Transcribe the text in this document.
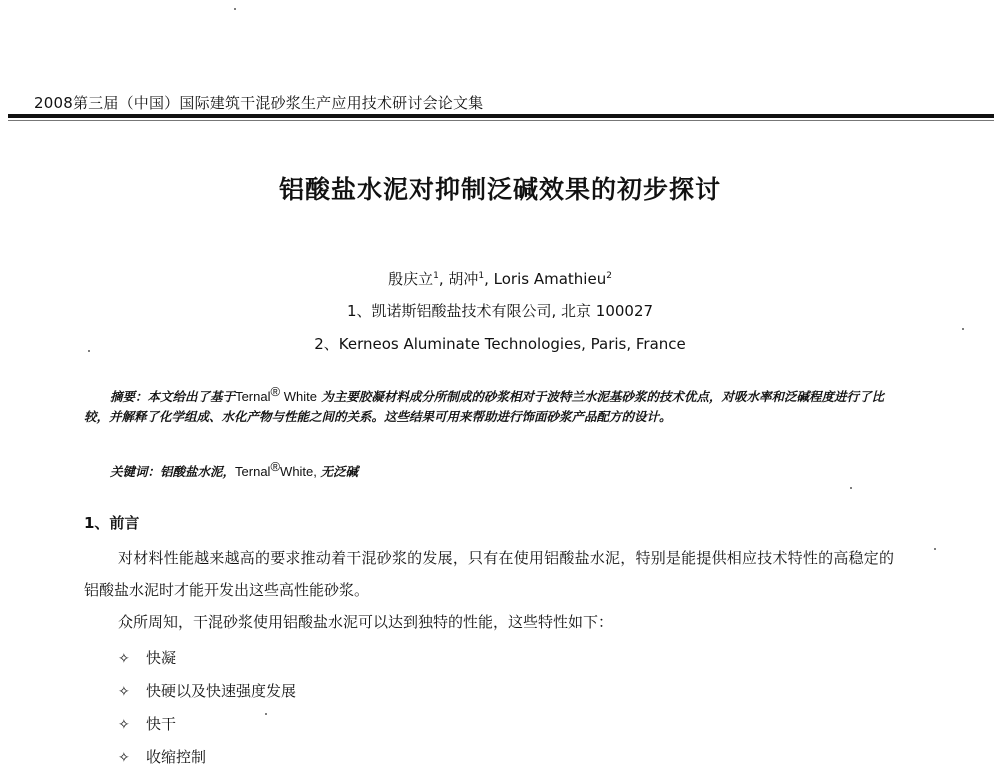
2008第三届（中国）国际建筑干混砂浆生产应用技术研讨会论文集
铝酸盐水泥对抑制泛碱效果的初步探讨
殷庆立$^1$, 胡冲$^1$, Loris Amathieu$^2$
1、凯诺斯铝酸盐技术有限公司, 北京 100027
2、Kerneos Aluminate Technologies, Paris, France
摘要：本文给出了基于Ternal® White 为主要胶凝材料成分所制成的砂浆相对于波特兰水泥基砂浆的技术优点，对吸水率和泛碱程度进行了比较，并解释了化学组成、水化产物与性能之间的关系。这些结果可用来帮助进行饰面砂浆产品配方的设计。
关键词：铝酸盐水泥，Ternal®White, 无泛碱
1、前言
对材料性能越来越高的要求推动着干混砂浆的发展，只有在使用铝酸盐水泥，特别是能提供相应技术特性的高稳定的铝酸盐水泥时才能开发出这些高性能砂浆。
众所周知，干混砂浆使用铝酸盐水泥可以达到独特的性能，这些特性如下：
✧ 快凝
✧ 快硬以及快速强度发展
✧ 快干
✧ 收缩控制
